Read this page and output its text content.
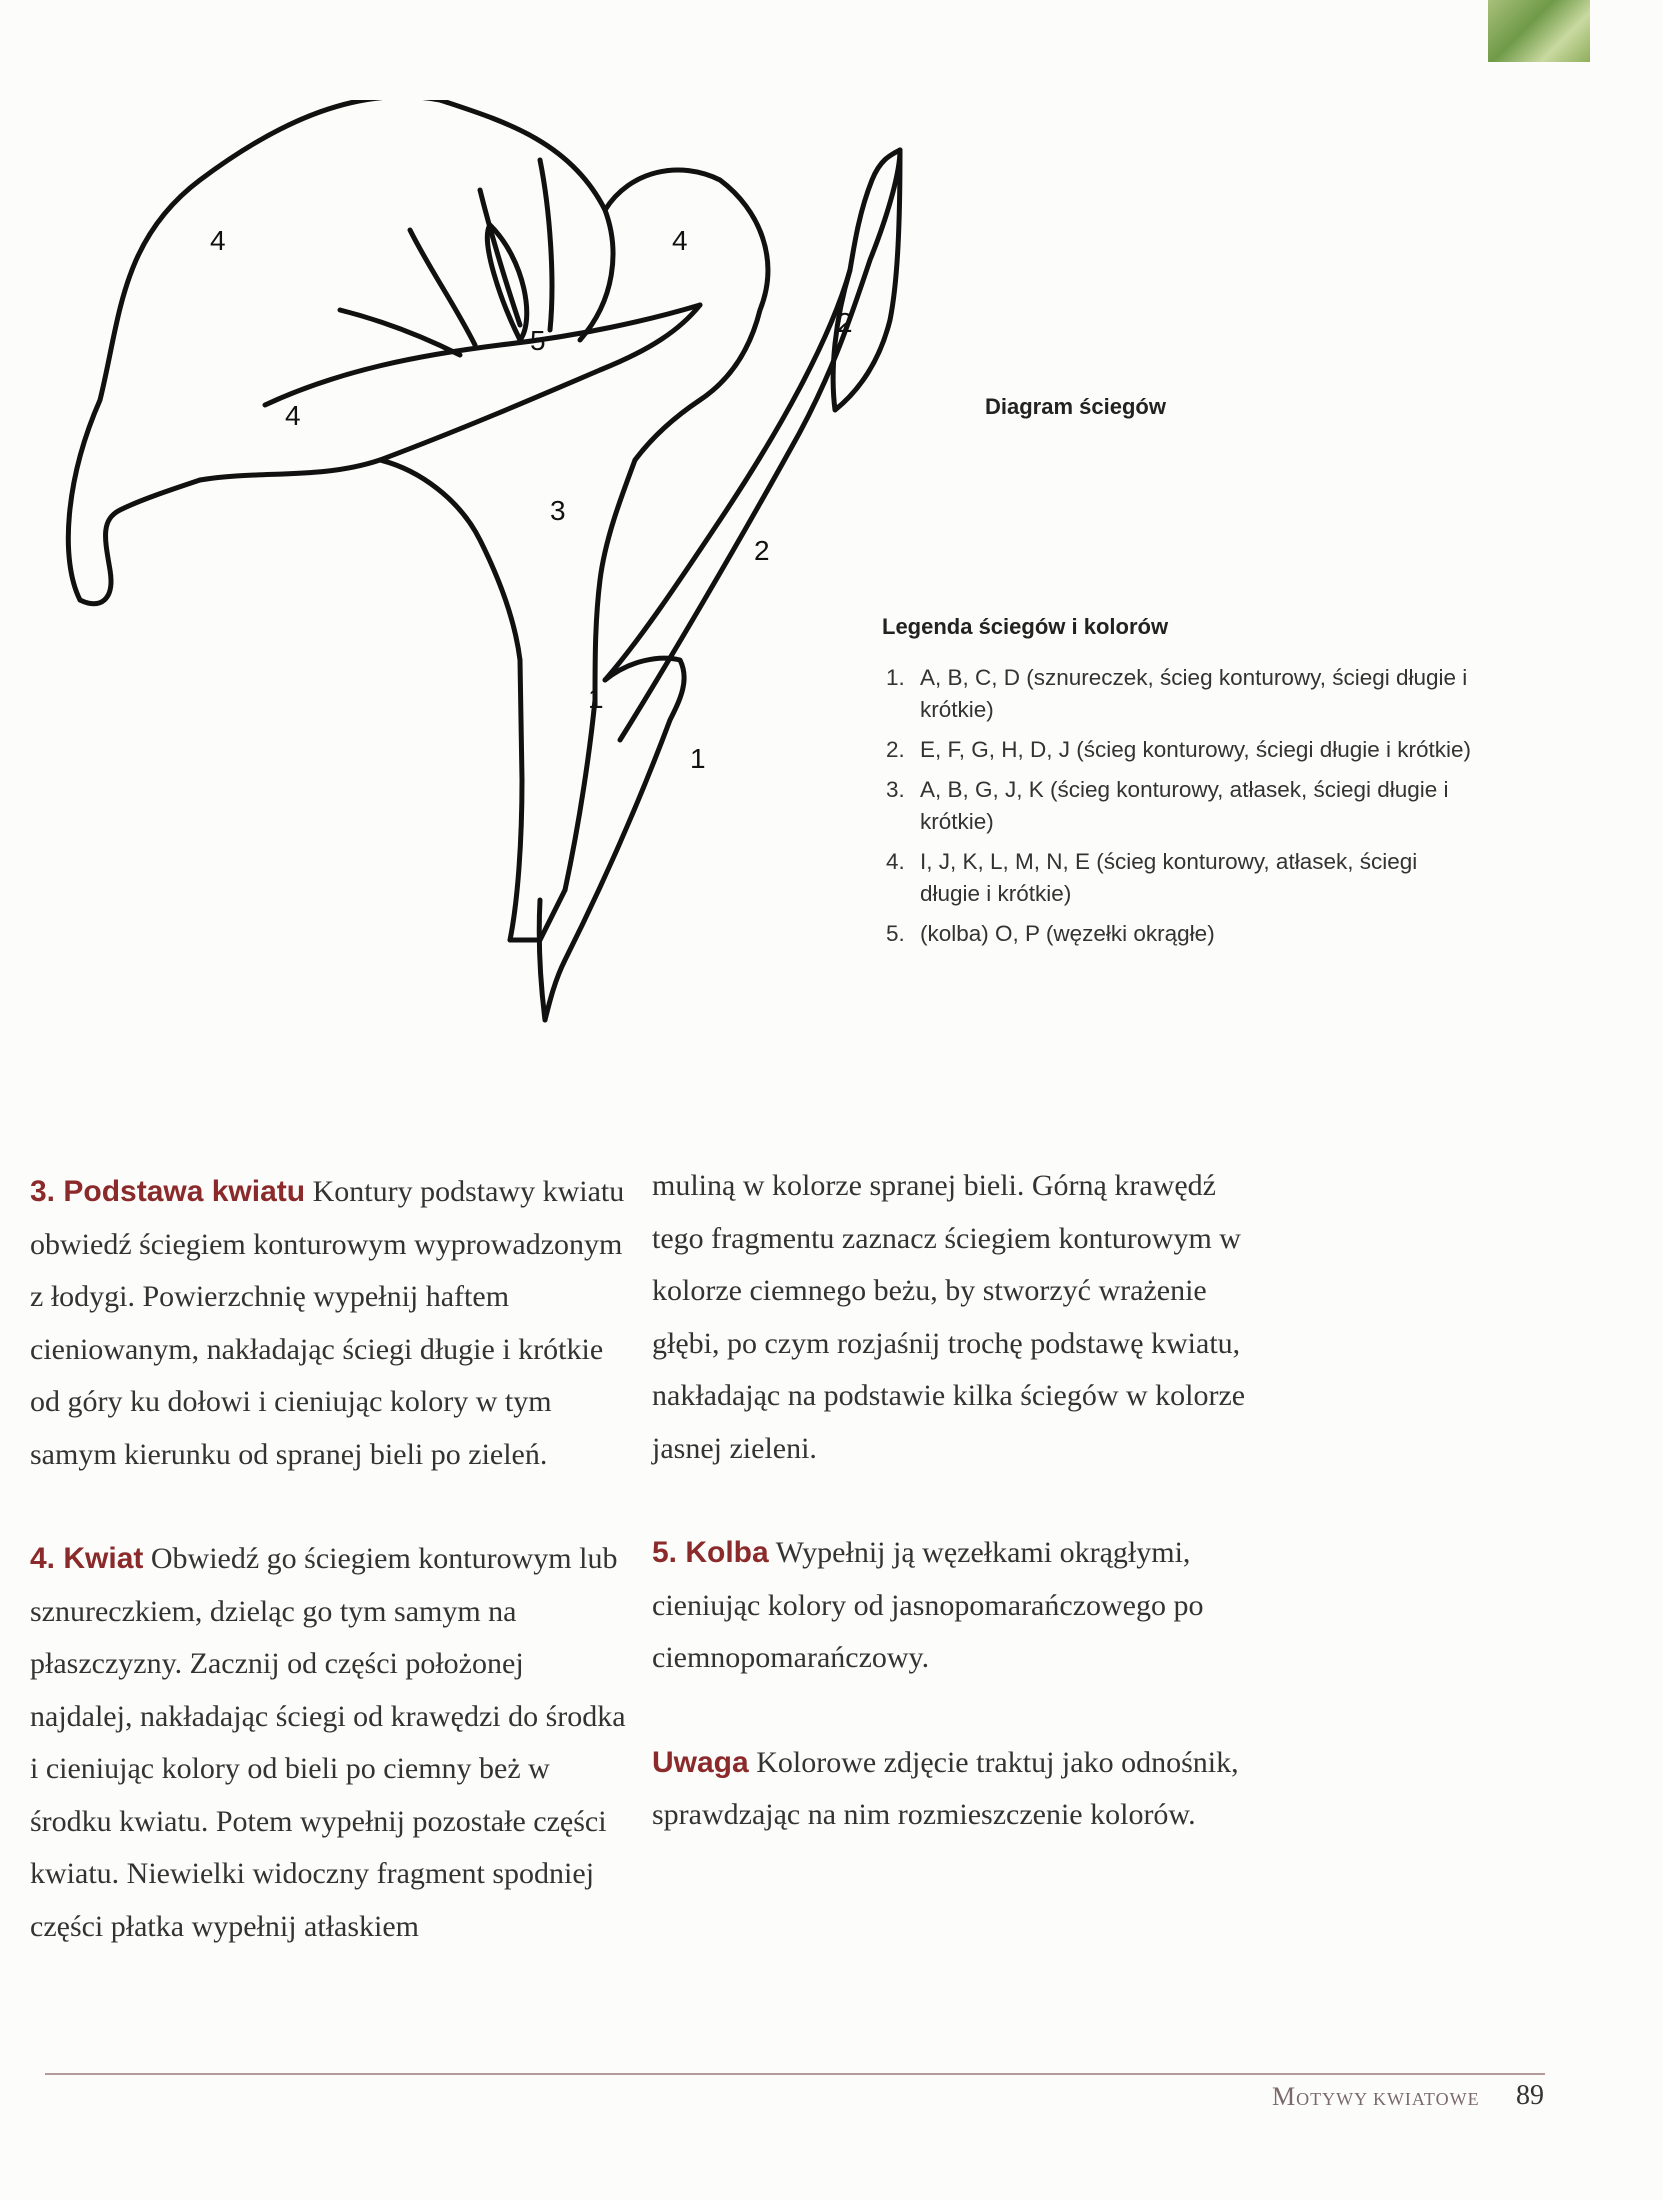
4	4
5
4
3
2
2
1
1
Diagram ściegów
Legenda ściegów i kolorów
1. A, B, C, D (sznureczek, ścieg konturowy, ściegi długie i krótkie)
2. E, F, G, H, D, J (ścieg konturowy, ściegi długie i krótkie)
3. A, B, G, J, K (ścieg konturowy, atłasek, ściegi długie i krótkie)
4. I, J, K, L, M, N, E (ścieg konturowy, atłasek, ściegi długie i krótkie)
5. (kolba) O, P (węzełki okrągłe)

3. Podstawa kwiatu Kontury podstawy kwiatu obwiedź ściegiem konturowym wyprowadzonym z łodygi. Powierzchnię wypełnij haftem cieniowanym, nakładając ściegi długie i krótkie od góry ku dołowi i cieniując kolory w tym samym kierunku od spranej bieli po zieleń.

4. Kwiat Obwiedź go ściegiem konturowym lub sznureczkiem, dzieląc go tym samym na płaszczyzny. Zacznij od części położonej najdalej, nakładając ściegi od krawędzi do środka i cieniując kolory od bieli po ciemny beż w środku kwiatu. Potem wypełnij pozostałe części kwiatu. Niewielki widoczny fragment spodniej części płatka wypełnij atłaskiem

muliną w kolorze spranej bieli. Górną krawędź tego fragmentu zaznacz ściegiem konturowym w kolorze ciemnego beżu, by stworzyć wrażenie głębi, po czym rozjaśnij trochę podstawę kwiatu, nakładając na podstawie kilka ściegów w kolorze jasnej zieleni.

5. Kolba Wypełnij ją węzełkami okrągłymi, cieniując kolory od jasnopomarańczowego po ciemnopomarańczowy.

Uwaga Kolorowe zdjęcie traktuj jako odnośnik, sprawdzając na nim rozmieszczenie kolorów.

MOTYWY KWIATOWE 89
